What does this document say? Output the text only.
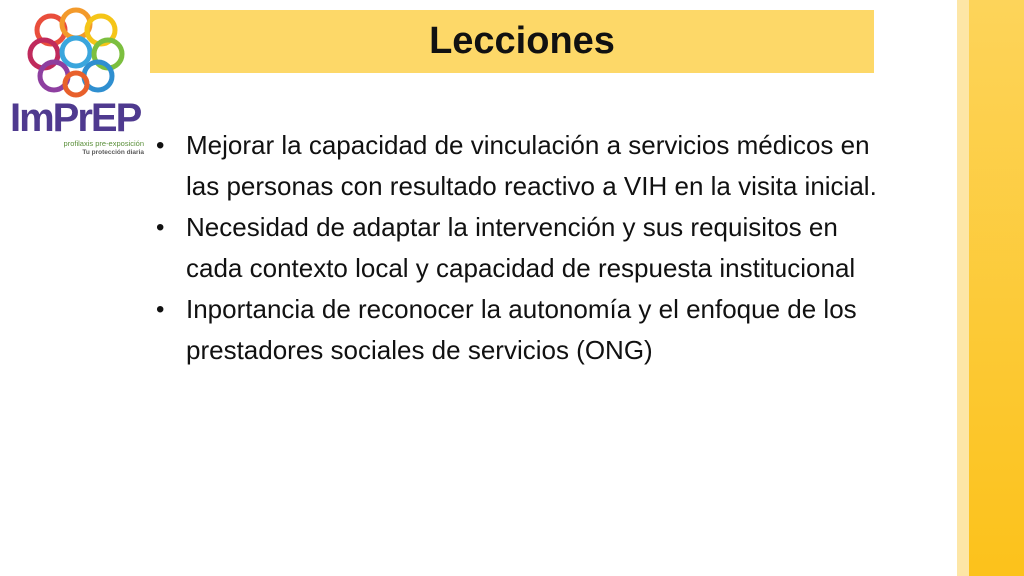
ImPrEP
profilaxis pre-exposición
Tu protección diaria
Lecciones
• Mejorar la capacidad de vinculación a servicios médicos en las personas con resultado reactivo a VIH en la visita inicial.
• Necesidad de adaptar la intervención y sus requisitos en cada contexto local y capacidad de respuesta institucional
• Inportancia de reconocer la autonomía y el enfoque de los prestadores sociales de servicios (ONG)
